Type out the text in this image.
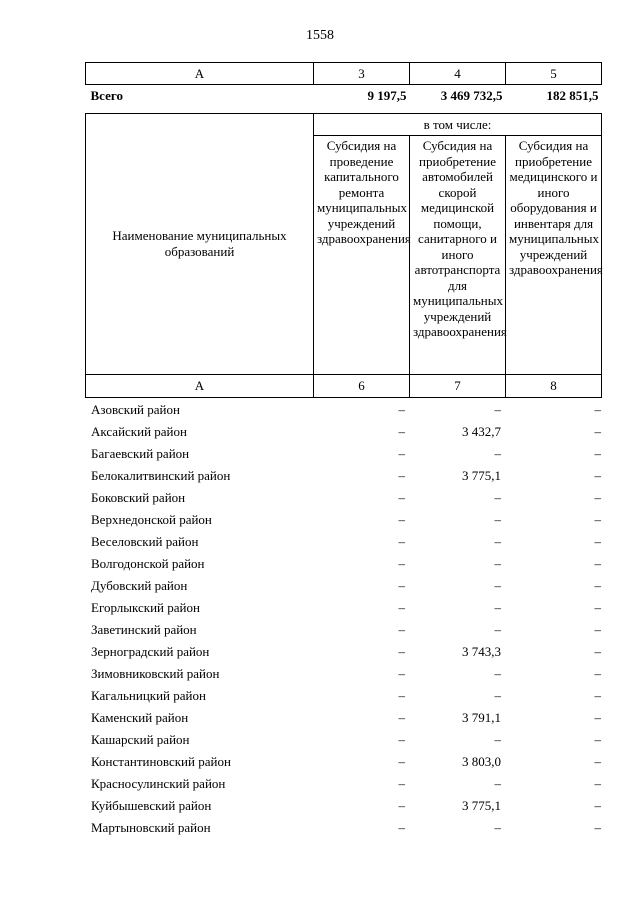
1558
А	3	4	5
Всего	9 197,5	3 469 732,5	182 851,5
Наименование муниципальных образований	в том числе:		
	Субсидия на проведение капитального ремонта муниципальных учреждений здравоохранения	Субсидия на приобретение автомобилей скорой медицинской помощи, санитарного и иного автотранспорта для муниципальных учреждений здравоохранения	Субсидия на приобретение медицинского и иного оборудования и инвентаря для муниципальных учреждений здравоохранения
А	6	7	8
Азовский район	–	–	–
Аксайский район	–	3 432,7	–
Багаевский район	–	–	–
Белокалитвинский район	–	3 775,1	–
Боковский район	–	–	–
Верхнедонской район	–	–	–
Веселовский район	–	–	–
Волгодонской район	–	–	–
Дубовский район	–	–	–
Егорлыкский район	–	–	–
Заветинский район	–	–	–
Зерноградский район	–	3 743,3	–
Зимовниковский район	–	–	–
Кагальницкий район	–	–	–
Каменский район	–	3 791,1	–
Кашарский район	–	–	–
Константиновский район	–	3 803,0	–
Красносулинский район	–	–	–
Куйбышевский район	–	3 775,1	–
Мартыновский район	–	–	–
